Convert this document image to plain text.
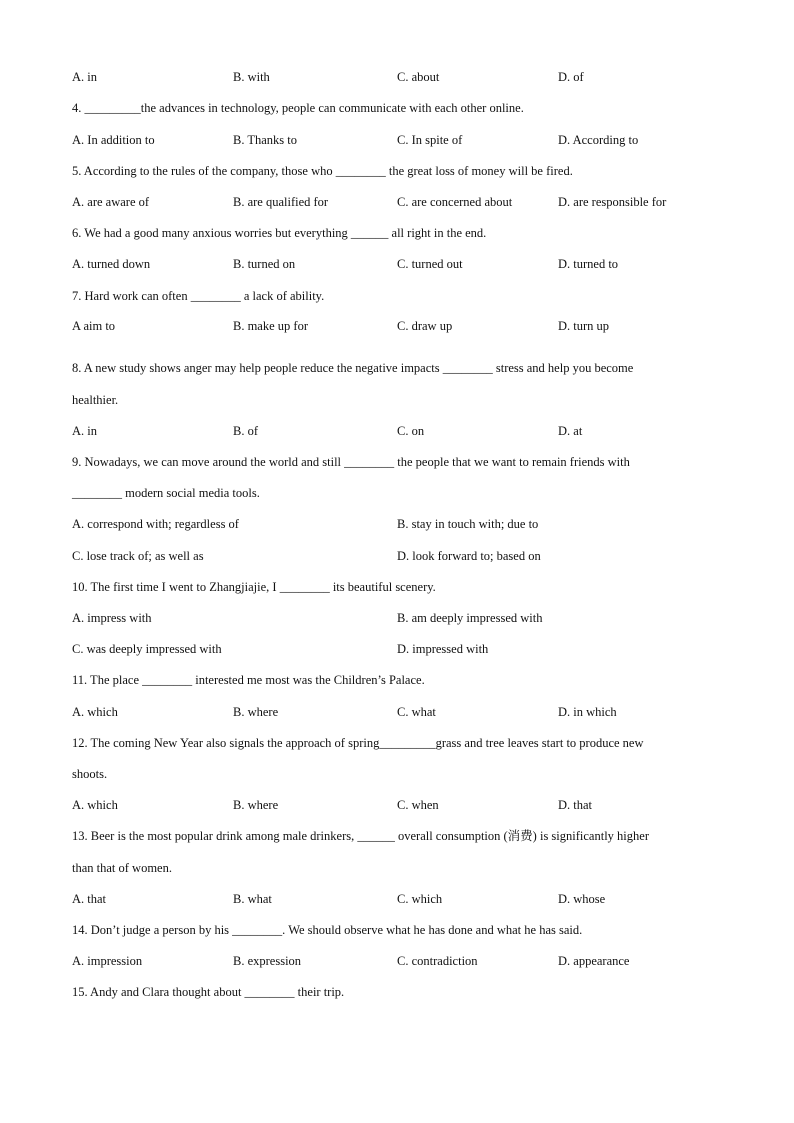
A. in	B. with	C. about	D. of
4. _________the advances in technology, people can communicate with each other online.
A. In addition to	B. Thanks to	C. In spite of	D. According to
5. According to the rules of the company, those who ________ the great loss of money will be fired.
A. are aware of	B. are qualified for	C. are concerned about	D. are responsible for
6. We had a good many anxious worries but everything ______ all right in the end.
A. turned down	B. turned on	C. turned out	D. turned to
7. Hard work can often ________ a lack of ability.
A aim to	B. make up for	C. draw up	D. turn up
8. A new study shows anger may help people reduce the negative impacts ________ stress and help you become
healthier.
A. in	B. of	C. on	D. at
9. Nowadays, we can move around the world and still ________ the people that we want to remain friends with
________ modern social media tools.
A. correspond with; regardless of	B. stay in touch with; due to
C. lose track of; as well as	D. look forward to; based on
10. The first time I went to Zhangjiajie, I ________ its beautiful scenery.
A. impress with	B. am deeply impressed with
C. was deeply impressed with	D. impressed with
11. The place ________ interested me most was the Children’s Palace.
A. which	B. where	C. what	D. in which
12. The coming New Year also signals the approach of spring_________grass and tree leaves start to produce new
shoots.
A. which	B. where	C. when	D. that
13. Beer is the most popular drink among male drinkers, ______ overall consumption (消费) is significantly higher
than that of women.
A. that	B. what	C. which	D. whose
14. Don’t judge a person by his ________. We should observe what he has done and what he has said.
A. impression	B. expression	C. contradiction	D. appearance
15. Andy and Clara thought about ________ their trip.
